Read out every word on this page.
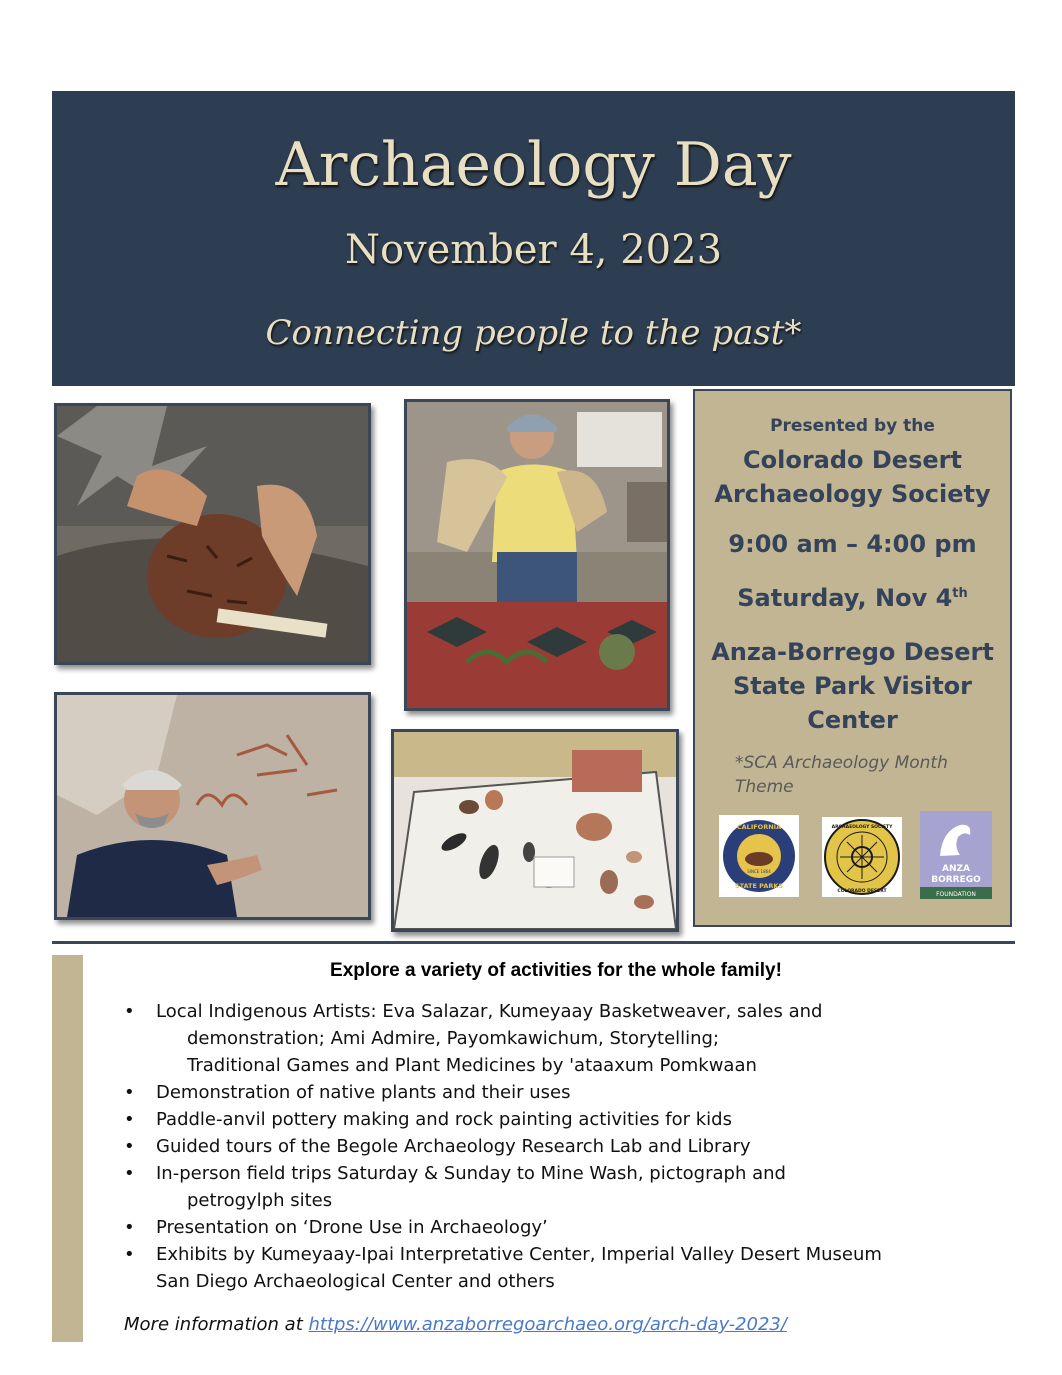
Archaeology Day
November 4, 2023
Connecting people to the past*
Presented by the
Colorado Desert
Archaeology Society
9:00 am – 4:00 pm
Saturday, Nov 4th
Anza-Borrego Desert
State Park Visitor
Center
*SCA Archaeology Month
Theme
CALIFORNIA
SINCE 1864
STATE PARKS
ARCHAEOLOGY SOCIETY
COLORADO DESERT
ANZA
BORREGO
FOUNDATION
Explore a variety of activities for the whole family!
• Local Indigenous Artists: Eva Salazar, Kumeyaay Basketweaver, sales and
demonstration; Ami Admire, Payomkawichum, Storytelling;
Traditional Games and Plant Medicines by 'ataaxum Pomkwaan
• Demonstration of native plants and their uses
• Paddle-anvil pottery making and rock painting activities for kids
• Guided tours of the Begole Archaeology Research Lab and Library
• In-person field trips Saturday & Sunday to Mine Wash, pictograph and
petrogylph sites
• Presentation on ‘Drone Use in Archaeology’
• Exhibits by Kumeyaay-Ipai Interpretative Center, Imperial Valley Desert Museum
San Diego Archaeological Center and others
More information at https://www.anzaborregoarchaeo.org/arch-day-2023/
